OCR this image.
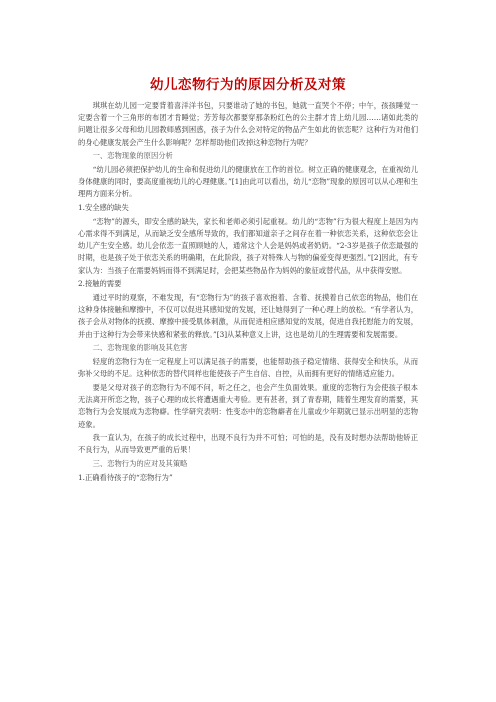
幼儿恋物行为的原因分析及对策
琪琪在幼儿园一定要背着喜洋洋书包，只要谁动了她的书包，她就一直哭个不停；中午，孩孩睡觉一定要含着一个三角形的布团才肯睡觉；芳芳每次都要穿那条粉红色的公主群才肯上幼儿园……诸如此类的问题让很多父母和幼儿园教师感到困惑，孩子为什么会对特定的物品产生如此的依恋呢？这种行为对他们的身心健康发展会产生什么影响呢？怎样帮助他们改掉这种恋物行为呢？
一、恋物现象的原因分析
“幼儿园必须把保护幼儿的生命和促进幼儿的健康放在工作的首位。树立正确的健康观念，在重视幼儿身体健康的同时，要高度重视幼儿的心理健康。”[1]由此可以看出，幼儿“恋物”现象的原因可以从心理和生理两方面来分析。
1.安全感的缺失
“恋物”的源头，即安全感的缺失，家长和老师必须引起重视。幼儿的“恋物”行为很大程度上是因为内心需求得不到满足，从而缺乏安全感所导致的，我们都知道亲子之间存在着一种依恋关系，这种依恋会让幼儿产生安全感。幼儿会依恋一直照顾她的人，通常这个人会是妈妈或者奶奶。“2-3岁是孩子依恋最强的时期，也是孩子处于依恋关系的明确期，在此阶段，孩子对特殊人与物的偏爱变得更强烈。”[2]因此，有专家认为：当孩子在需要妈妈而得不到满足时，会把某些物品作为妈妈的象征或替代品，从中获得安慰。
2.接触的需要
通过平时的观察，不难发现，有“恋物行为”的孩子喜欢抱着、含着、抚摸着自己依恋的物品，他们在这种身体接触和摩擦中，不仅可以促进其感知觉的发展，还让她得到了一种心理上的放松。“有学者认为，孩子会从对物体的抚摸、摩擦中接受肌体刺激，从而促进相应感知觉的发展，促进自我托慰能力的发展，并由于这种行为会带来快感和紧张的释放。”[3]从某种意义上讲，这也是幼儿的生理需要和发展需要。
二、恋物现象的影响及其危害
轻度的恋物行为在一定程度上可以满足孩子的需要，也能帮助孩子稳定情绪、获得安全和快乐，从而弥补父母的不足。这种依恋的替代同样也能使孩子产生自信、自控，从而拥有更好的情绪适应能力。
要是父母对孩子的恋物行为不闻不问，听之任之，也会产生负面效果。重度的恋物行为会使孩子根本无法离开所恋之物，孩子心理的成长将遭遇重大考验。更有甚者，到了青春期，随着生理发育的需要，其恋物行为会发展成为恋物癖。性学研究表明：性变态中的恋物癖者在儿童或少年期就已显示出明显的恋物迹象。
我一直认为，在孩子的成长过程中，出现不良行为并不可怕；可怕的是，没有及时想办法帮助他矫正不良行为，从而导致更严重的后果！
三、恋物行为的应对及其策略
1.正确看待孩子的“恋物行为”
